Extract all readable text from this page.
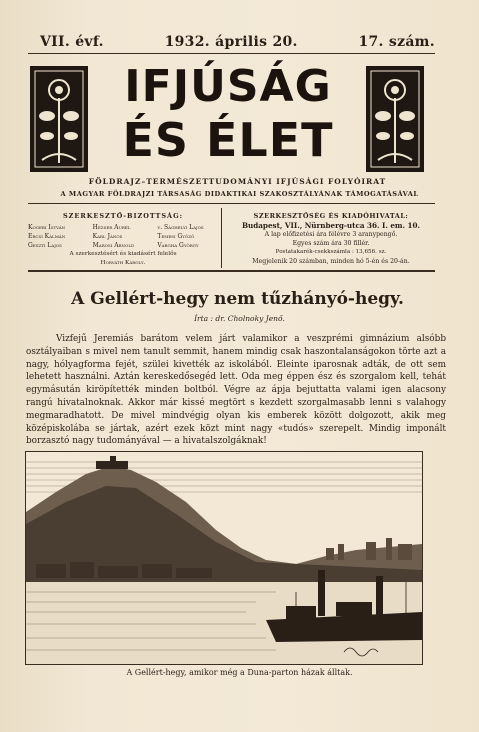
VII. évf.	1932. április 20.	17. szám.
IFJÚSÁG
ÉS ÉLET
FÖLDRAJZ–TERMÉSZETTUDOMÁNYI IFJÚSÁGI FOLYÓIRAT
A MAGYAR FÖLDRAJZI TÁRSASÁG DIDAKTIKAI SZAKOSZTÁLYÁNAK TÁMOGATÁSÁVAL
SZERKESZTŐ-BIZOTTSÁG:
Kogeri István	Hézser Aurél	v. Sághelyi Lajos
Ercsi Kálmán	Karl János	Temesi Győző
Geszti Lajos	Marosi Arnold	Vargha György
A szerkesztésért és kiadásért felelős
Horváth Károly.
SZERKESZTŐSÉG ÉS KIADÓHIVATAL:
Budapest, VII., Nürnberg-utca 36. I. em. 10.
A lap előfizetési ára félévre 3 aranypengő.
Egyes szám ára 30 fillér.
Postatakarék-csekkszámla : 13,656. sz.
Megjelenik 20 számban, minden hó 5-én és 20-án.
A Gellért-hegy nem tűzhányó-hegy.
Írta : dr. Cholnoky Jenő.
Vizfejű Jeremiás barátom velem járt valamikor a veszprémi gimnázium alsóbb osztályaiban s mivel nem tanult semmit, hanem mindig csak haszontalanságokon törte azt a nagy, hólyagforma fejét, szülei kivették az iskolából. Eleinte iparosnak adták, de ott sem lehetett használni. Aztán kereskedősegéd lett. Oda meg éppen ész és szorgalom kell, tehát egymásután kiröpítették minden boltból. Végre az ápja bejuttatta valami igen alacsony rangú hivatalnoknak. Akkor már kissé megtört s kezdett szorgalmasabb lenni s valahogy megmaradhatott. De mivel mindvégig olyan kis emberek között dolgozott, akik meg középiskolába se jártak, azért ezek közt mint nagy «tudós» szerepelt. Mindig imponált borzasztó nagy tudományával — a hivatalszolgáknak!
A Gellért-hegy, amikor még a Duna-parton házak álltak.
